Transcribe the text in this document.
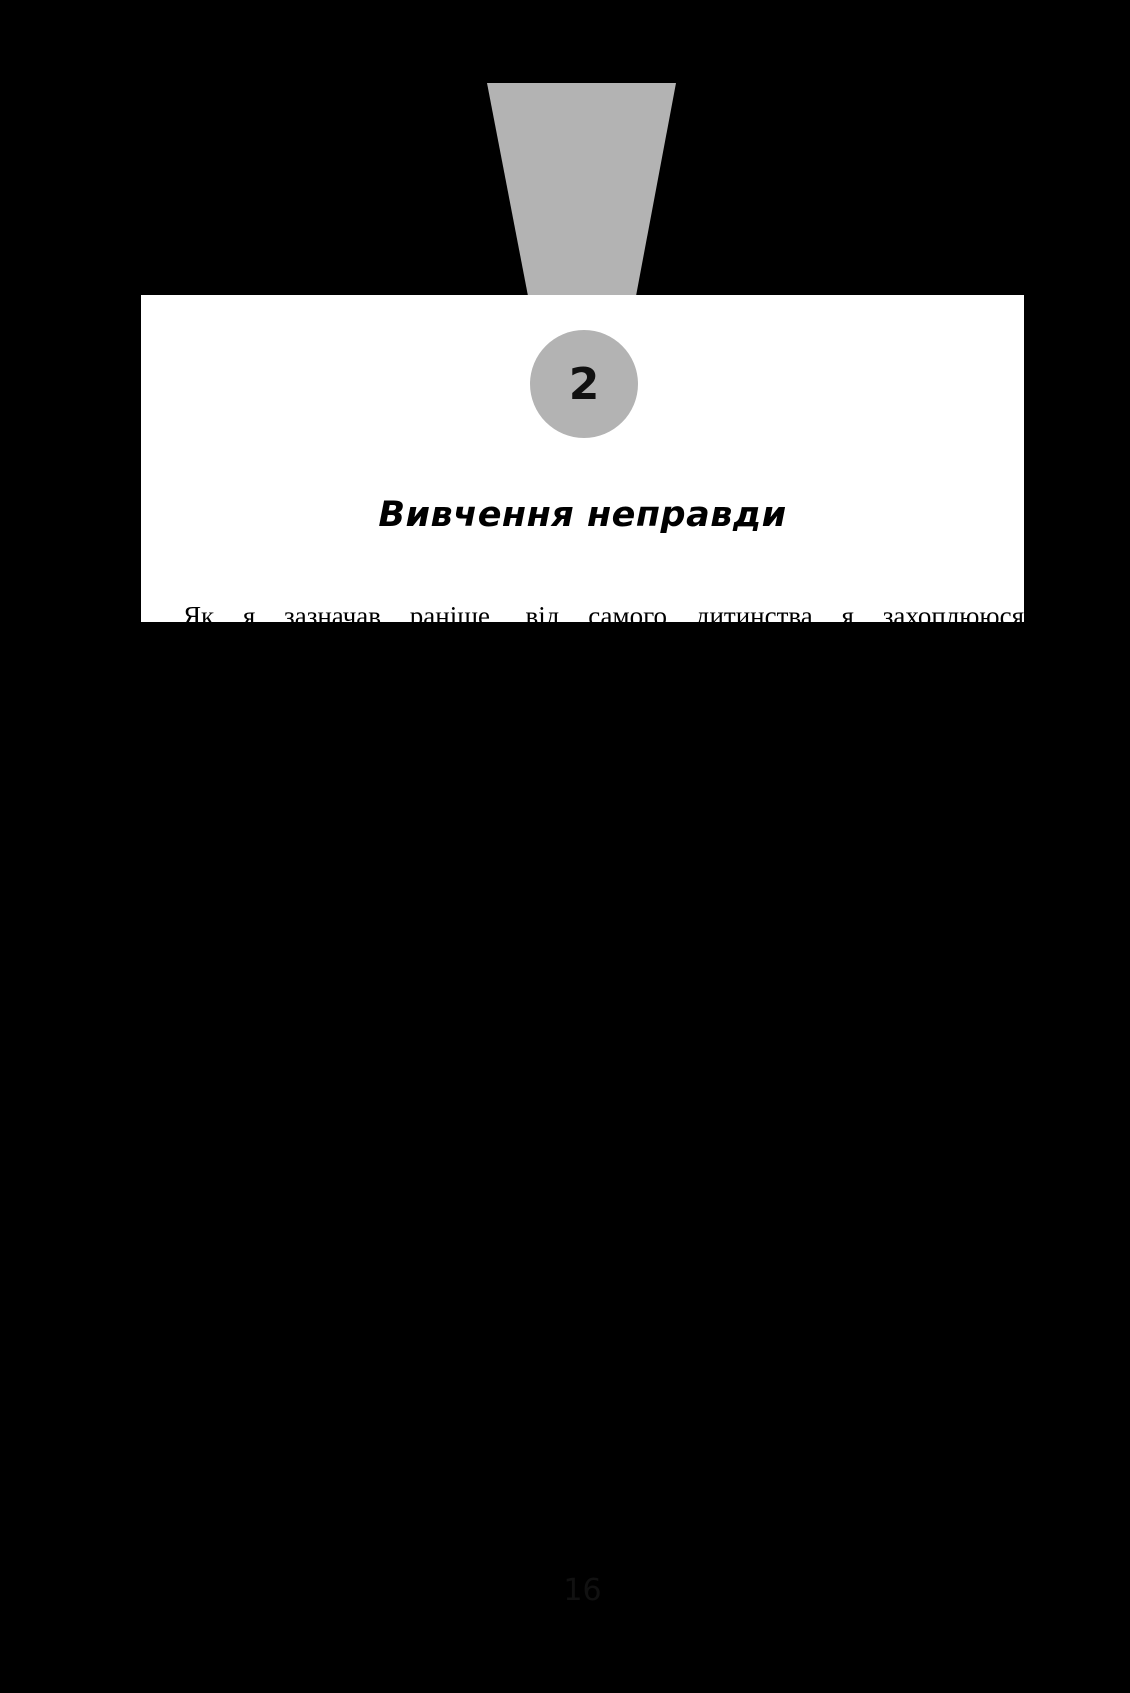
2
Вивчення неправди

Як я зазначав раніше, від самого дитинства я захоплююся розпізнаванням алгоритмів. Більша частина явищ навколо нас — органічних чи унікальних — насправді є результатом повторюваних процесів, систем. Декодувавши правильний алгоритм, можна, на мою думку, досягти поставленої мети — як дрібної, так і великої.

У вісімнадцять років я вирішив, що хочу потрапити на ігрове шоу. Мета здавалася незвичною, але в перспективі були нічогенька розвага й чимала винагорода. Тож я почав подаватися на участь у шоу, про які знав (а також і в ті, про які не чував зроду).

Подекуди вимагалося писати твори. Подекуди — як-от на «Ризикни!» — пропонували пройти тест онлайн. Ще десь, як-от на «Колесі фортуни», досить було заповнити форму.

Я відсилав мейли, заповнював форми й чекав.

Минуло кілька місяців, протягом яких панувала тиша, аж ось настав день, коли надійшов лист із запрошенням на прослуховування в «Колесі фортуни». Я не став вивчати загадки, а натомість вирішив за кілька тижнів перед прослуховуванням зрозуміти, чого хочуть продюсери шоу. Я переглянув десятки випусків, шукаючи спільні елементи в поведінці учасників. Перечитав купу форумів, вивчаючи механіку гри, читав пости в блоґах про досвід інших учасників кастингів. Багато годин досліджень, і ось я виявив алгоритм: кастингова команда не шукає геніїв у царині розгадування

16
